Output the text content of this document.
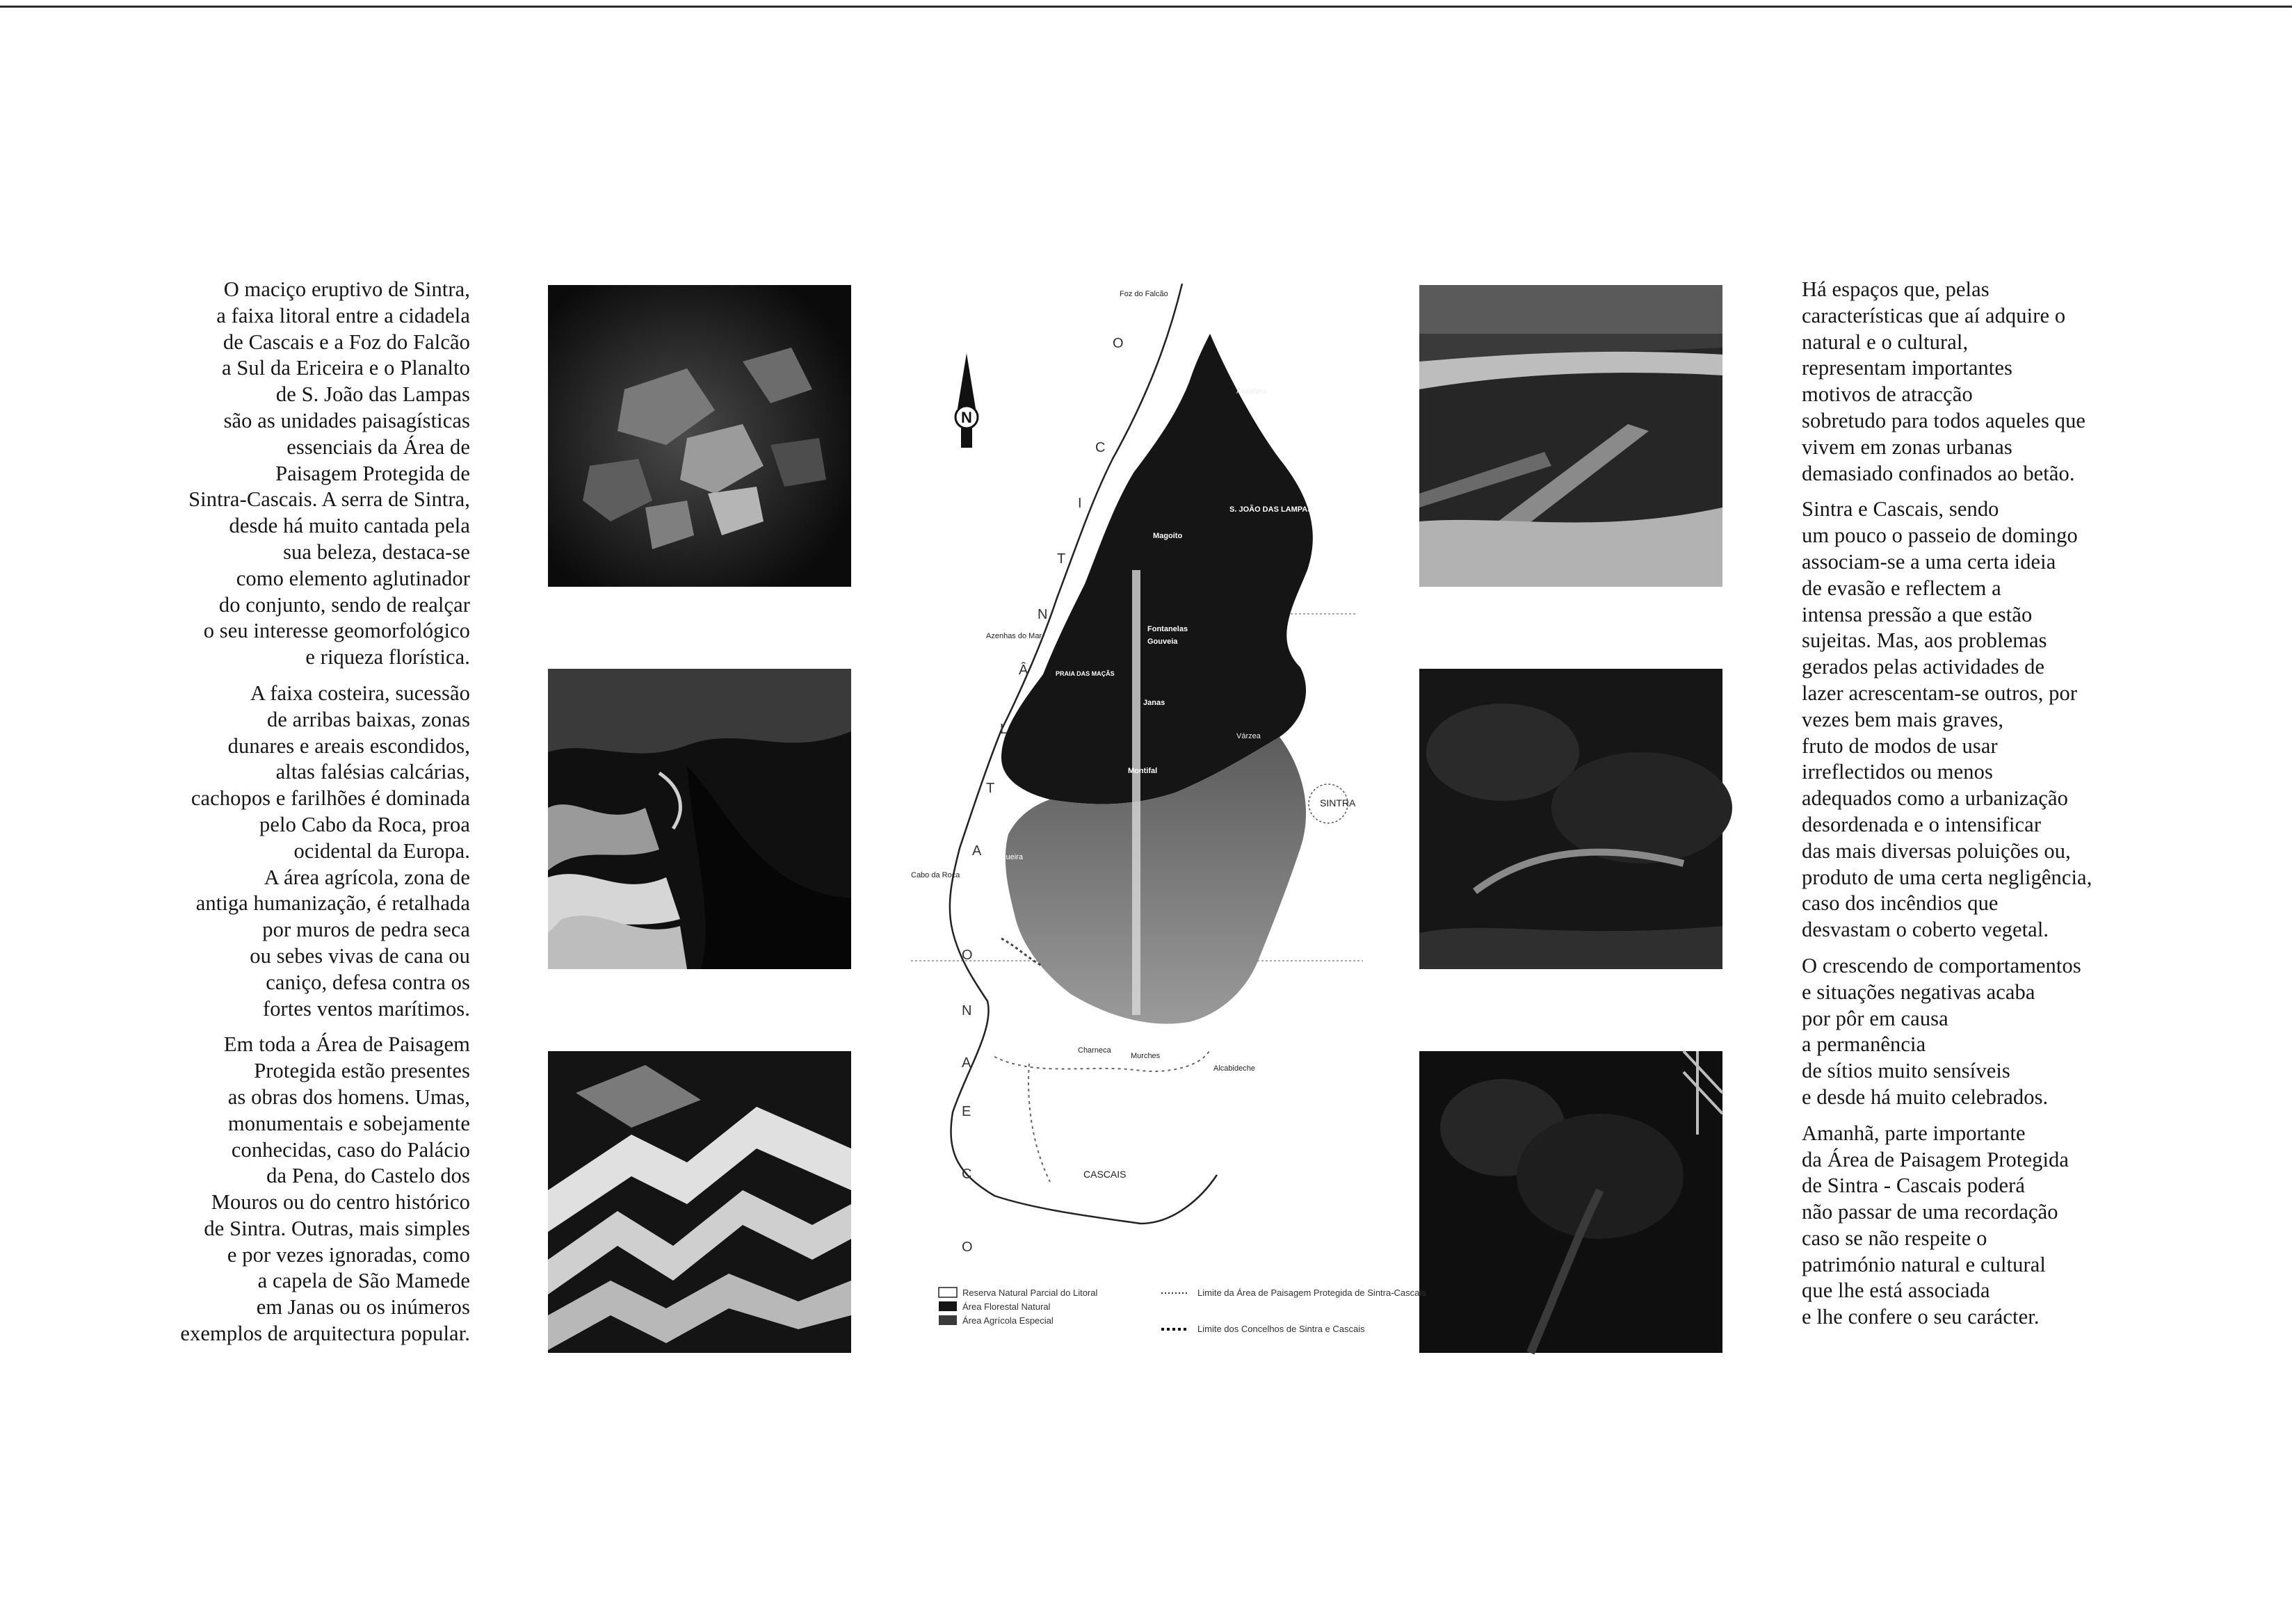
O maciço eruptivo de Sintra,
a faixa litoral entre a cidadela
de Cascais e a Foz do Falcão
a Sul da Ericeira e o Planalto
de S. João das Lampas
são as unidades paisagísticas
essenciais da Área de
Paisagem Protegida de
Sintra-Cascais. A serra de Sintra,
desde há muito cantada pela
sua beleza, destaca-se
como elemento aglutinador
do conjunto, sendo de realçar
o seu interesse geomorfológico
e riqueza florística.

A faixa costeira, sucessão
de arribas baixas, zonas
dunares e areais escondidos,
altas falésias calcárias,
cachopos e farilhões é dominada
pelo Cabo da Roca, proa
ocidental da Europa.
A área agrícola, zona de
antiga humanização, é retalhada
por muros de pedra seca
ou sebes vivas de cana ou
caniço, defesa contra os
fortes ventos marítimos.

Em toda a Área de Paisagem
Protegida estão presentes
as obras dos homens. Umas,
monumentais e sobejamente
conhecidas, caso do Palácio
da Pena, do Castelo dos
Mouros ou do centro histórico
de Sintra. Outras, mais simples
e por vezes ignoradas, como
a capela de São Mamede
em Janas ou os inúmeros
exemplos de arquitectura popular.

Há espaços que, pelas
características que aí adquire o
natural e o cultural,
representam importantes
motivos de atracção
sobretudo para todos aqueles que
vivem em zonas urbanas
demasiado confinados ao betão.

Sintra e Cascais, sendo
um pouco o passeio de domingo
associam-se a uma certa ideia
de evasão e reflectem a
intensa pressão a que estão
sujeitas. Mas, aos problemas
gerados pelas actividades de
lazer acrescentam-se outros, por
vezes bem mais graves,
fruto de modos de usar
irreflectidos ou menos
adequados como a urbanização
desordenada e o intensificar
das mais diversas poluições ou,
produto de uma certa negligência,
caso dos incêndios que
desvastam o coberto vegetal.

O crescendo de comportamentos
e situações negativas acaba
por pôr em causa
a permanência
de sítios muito sensíveis
e desde há muito celebrados.

Amanhã, parte importante
da Área de Paisagem Protegida
de Sintra - Cascais poderá
não passar de uma recordação
caso se não respeite o
património natural e cultural
que lhe está associada
e lhe confere o seu carácter.

N
O
C
E
A
N
O
A
T
L
Â
N
T
I
C
O
Foz do Falcão
Assafora
S. JOÃO DAS LAMPAS
Magoito
Azenhas do Mar
Fontanelas
Gouveia
PRAIA DAS MAÇÃS
Janas
Várzea
Montifal
SINTRA
Ulgueira
Azoia
Cabo da Roca
Charneca
Murches
Alcabideche
CASCAIS
Reserva Natural Parcial do Litoral
Área Florestal Natural
Área Agrícola Especial
Limite da Área de Paisagem Protegida de Sintra-Cascais
Limite dos Concelhos de Sintra e Cascais
